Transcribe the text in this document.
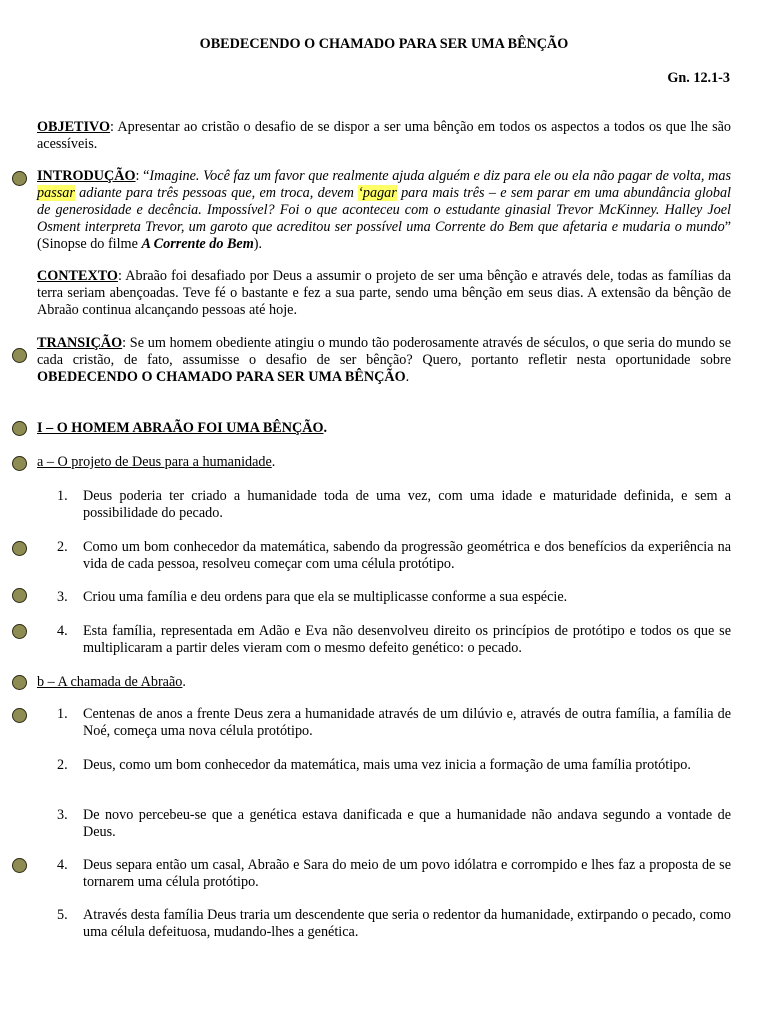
OBEDECENDO O CHAMADO PARA SER UMA BÊNÇÃO
Gn. 12.1-3

OBJETIVO: Apresentar ao cristão o desafio de se dispor a ser uma bênção em todos os aspectos a todos os que lhe são acessíveis.

INTRODUÇÃO: “Imagine. Você faz um favor que realmente ajuda alguém e diz para ele ou ela não pagar de volta, mas passar adiante para três pessoas que, em troca, devem ‘pagar para mais três – e sem parar em uma abundância global de generosidade e decência. Impossível? Foi o que aconteceu com o estudante ginasial Trevor McKinney. Halley Joel Osment interpreta Trevor, um garoto que acreditou ser possível uma Corrente do Bem que afetaria e mudaria o mundo” (Sinopse do filme A Corrente do Bem).

CONTEXTO: Abraão foi desafiado por Deus a assumir o projeto de ser uma bênção e através dele, todas as famílias da terra seriam abençoadas. Teve fé o bastante e fez a sua parte, sendo uma bênção em seus dias. A extensão da bênção de Abraão continua alcançando pessoas até hoje.

TRANSIÇÃO: Se um homem obediente atingiu o mundo tão poderosamente através de séculos, o que seria do mundo se cada cristão, de fato, assumisse o desafio de ser bênção? Quero, portanto refletir nesta oportunidade sobre OBEDECENDO O CHAMADO PARA SER UMA BÊNÇÃO.

I – O HOMEM ABRAÃO FOI UMA BÊNÇÃO.

a – O projeto de Deus para a humanidade.

1.	Deus poderia ter criado a humanidade toda de uma vez, com uma idade e maturidade definida, e sem a possibilidade do pecado.

2.	Como um bom conhecedor da matemática, sabendo da progressão geométrica e dos benefícios da experiência na vida de cada pessoa, resolveu começar com uma célula protótipo.

3.	Criou uma família e deu ordens para que ela se multiplicasse conforme a sua espécie.

4.	Esta família, representada em Adão e Eva não desenvolveu direito os princípios de protótipo e todos os que se multiplicaram a partir deles vieram com o mesmo defeito genético: o pecado.

b – A chamada de Abraão.

1.	Centenas de anos a frente Deus zera a humanidade através de um dilúvio e, através de outra família, a família de Noé, começa uma nova célula protótipo.

2.	Deus, como um bom conhecedor da matemática, mais uma vez inicia a formação de uma família protótipo.

3.	De novo percebeu-se que a genética estava danificada e que a humanidade não andava segundo a vontade de Deus.

4.	Deus separa então um casal, Abraão e Sara do meio de um povo idólatra e corrompido e lhes faz a proposta de se tornarem uma célula protótipo.

5.	Através desta família Deus traria um descendente que seria o redentor da humanidade, extirpando o pecado, como uma célula defeituosa, mudando-lhes a genética.
